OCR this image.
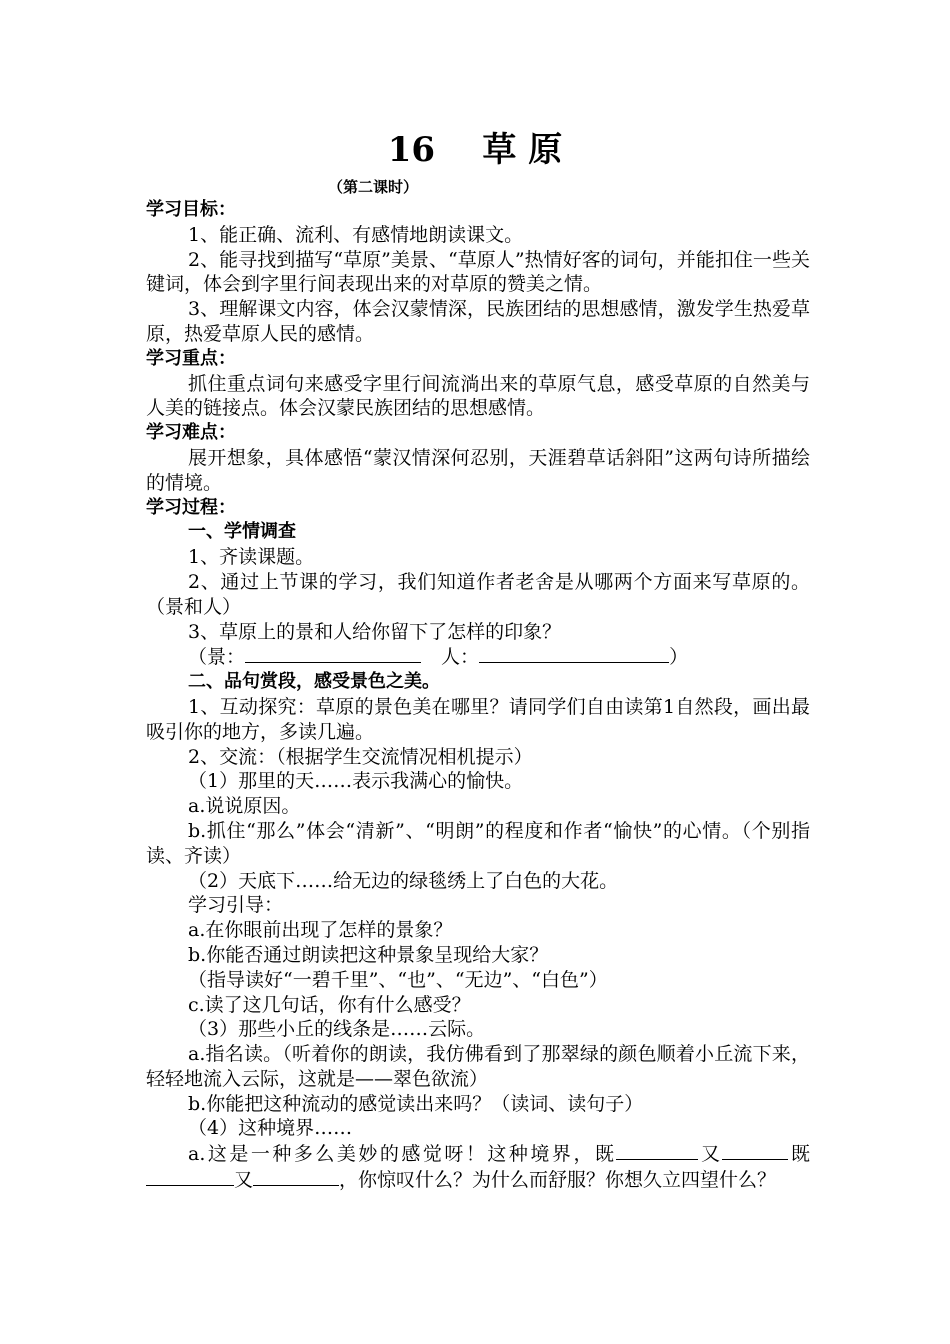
16    草 原
（第二课时）

学习目标：

1、能正确、流利、有感情地朗读课文。

2、能寻找到描写“草原”美景、“草原人”热情好客的词句，并能扣住一些关键词，体会到字里行间表现出来的对草原的赞美之情。

3、理解课文内容，体会汉蒙情深，民族团结的思想感情，激发学生热爱草原，热爱草原人民的感情。

学习重点：

抓住重点词句来感受字里行间流淌出来的草原气息，感受草原的自然美与人美的链接点。体会汉蒙民族团结的思想感情。

学习难点：

展开想象，具体感悟“蒙汉情深何忍别，天涯碧草话斜阳”这两句诗所描绘的情境。

学习过程：

一、学情调查

1、齐读课题。

2、通过上节课的学习，我们知道作者老舍是从哪两个方面来写草原的。（景和人）

3、草原上的景和人给你留下了怎样的印象？

（景：	人：	）

二、品句赏段，感受景色之美。

1、互动探究：草原的景色美在哪里？请同学们自由读第1自然段，画出最吸引你的地方，多读几遍。

2、交流：（根据学生交流情况相机提示）

（1）那里的天……表示我满心的愉快。

a.说说原因。

b.抓住“那么”体会“清新”、“明朗”的程度和作者“愉快”的心情。（个别指读、齐读）

（2）天底下……给无边的绿毯绣上了白色的大花。

学习引导：

a.在你眼前出现了怎样的景象？

b.你能否通过朗读把这种景象呈现给大家？

（指导读好“一碧千里”、“也”、“无边”、“白色”）

c.读了这几句话，你有什么感受？

（3）那些小丘的线条是……云际。

a.指名读。（听着你的朗读，我仿佛看到了那翠绿的颜色顺着小丘流下来，轻轻地流入云际，这就是——翠色欲流）

b.你能把这种流动的感觉读出来吗？（读词、读句子）

（4）这种境界……

a.这是一种多么美妙的感觉呀！这种境界，既	又	既又	，你惊叹什么？为什么而舒服？你想久立四望什么？
